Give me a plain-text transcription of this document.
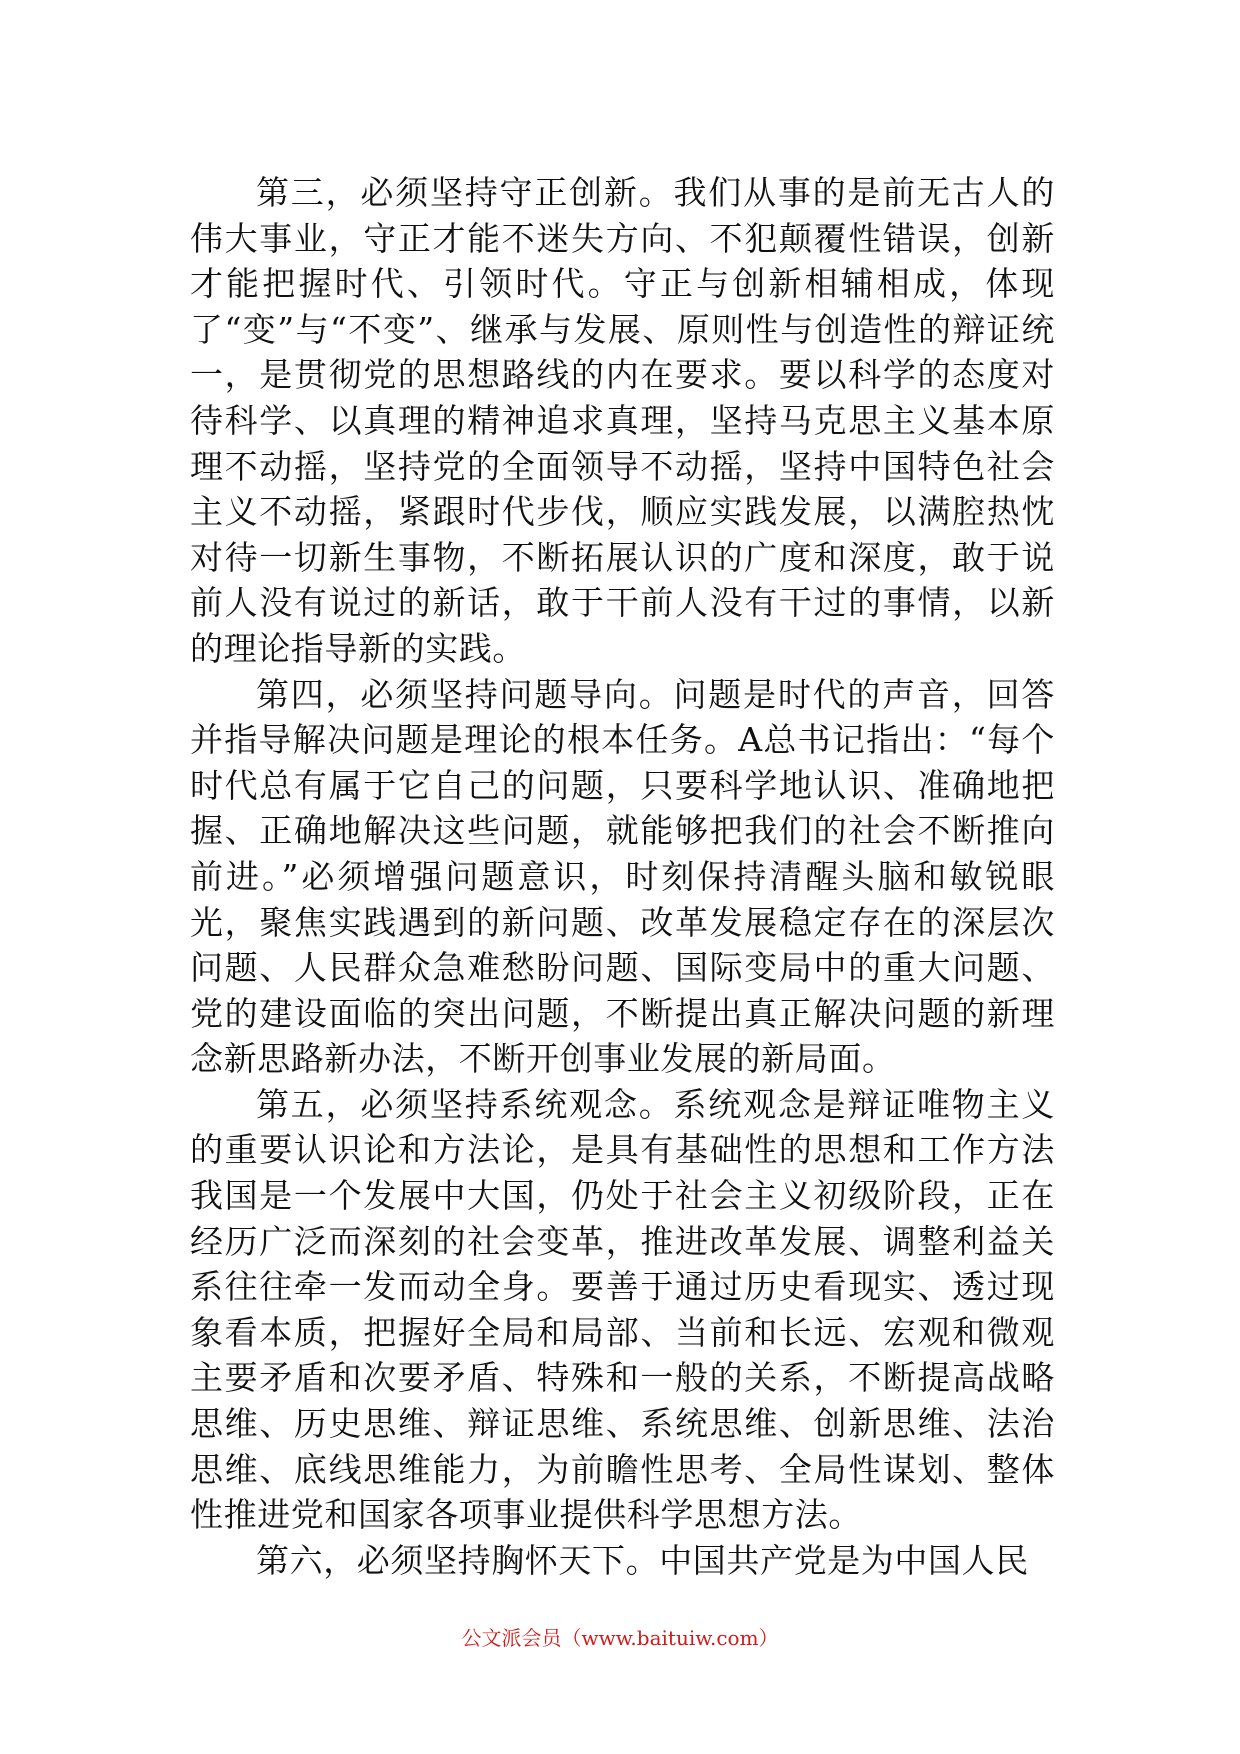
第三，必须坚持守正创新。我们从事的是前无古人的伟大事业，守正才能不迷失方向、不犯颠覆性错误，创新才能把握时代、引领时代。守正与创新相辅相成，体现了“变”与“不变”、继承与发展、原则性与创造性的辩证统一，是贯彻党的思想路线的内在要求。要以科学的态度对待科学、以真理的精神追求真理，坚持马克思主义基本原理不动摇，坚持党的全面领导不动摇，坚持中国特色社会主义不动摇，紧跟时代步伐，顺应实践发展，以满腔热忱对待一切新生事物，不断拓展认识的广度和深度，敢于说前人没有说过的新话，敢于干前人没有干过的事情，以新的理论指导新的实践。

第四，必须坚持问题导向。问题是时代的声音，回答并指导解决问题是理论的根本任务。A总书记指出：“每个时代总有属于它自己的问题，只要科学地认识、准确地把握、正确地解决这些问题，就能够把我们的社会不断推向前进。”必须增强问题意识，时刻保持清醒头脑和敏锐眼光，聚焦实践遇到的新问题、改革发展稳定存在的深层次问题、人民群众急难愁盼问题、国际变局中的重大问题、党的建设面临的突出问题，不断提出真正解决问题的新理念新思路新办法，不断开创事业发展的新局面。

第五，必须坚持系统观念。系统观念是辩证唯物主义的重要认识论和方法论，是具有基础性的思想和工作方法我国是一个发展中大国，仍处于社会主义初级阶段，正在经历广泛而深刻的社会变革，推进改革发展、调整利益关系往往牵一发而动全身。要善于通过历史看现实、透过现象看本质，把握好全局和局部、当前和长远、宏观和微观主要矛盾和次要矛盾、特殊和一般的关系，不断提高战略思维、历史思维、辩证思维、系统思维、创新思维、法治思维、底线思维能力，为前瞻性思考、全局性谋划、整体性推进党和国家各项事业提供科学思想方法。

第六，必须坚持胸怀天下。中国共产党是为中国人民

公文派会员（www.baituiw.com）
